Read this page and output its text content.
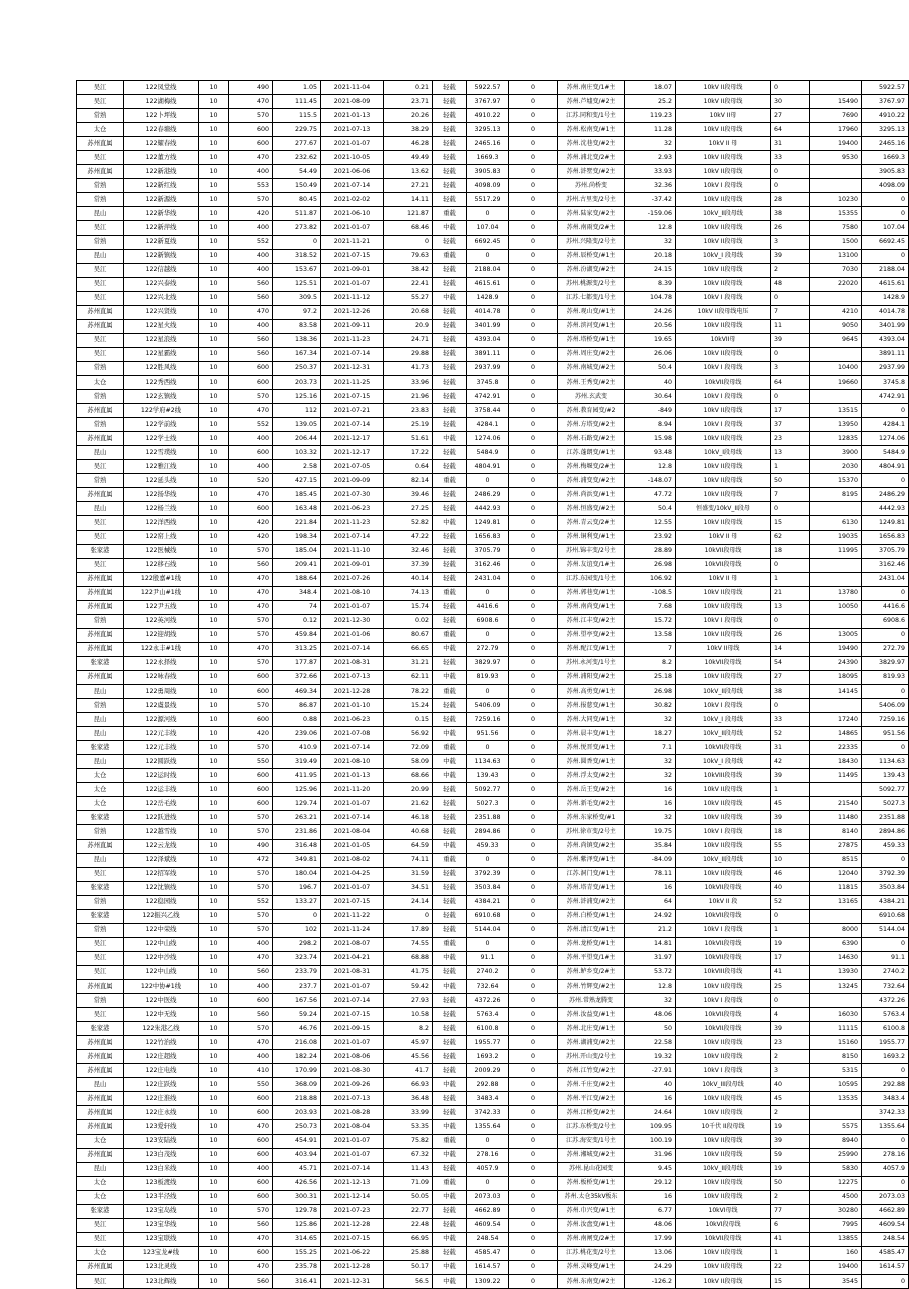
吴江	122凤堂线	10	490	1.05	2021-11-04	0.21	轻载	5922.57	0	苏州.南庄变/1#主	18.07	10kV II段母线	0		5922.57
吴江	122湖梅线	10	470	111.45	2021-08-09	23.71	轻载	3767.97	0	苏州.芦墟变/#2主	25.2	10kV II段母线	30	15490	3767.97
常熟	122卜坪线	10	570	115.5	2021-01-13	20.26	轻载	4910.22	0	江苏.同和变/1号主	119.23	10kV II母	27	7690	4910.22
太仓	122春塘线	10	600	229.75	2021-07-13	38.29	轻载	3295.13	0	苏州.松南变/#1主	11.28	10kV II段母线	64	17960	3295.13
苏州直属	122耀春线	10	600	277.67	2021-01-07	46.28	轻载	2465.16	0	苏州.沈巷变/#2主	32	10kV II 母	31	19400	2465.16
吴江	122董方线	10	470	232.62	2021-10-05	49.49	轻载	1669.3	0	苏州.浦北变/2#主	2.93	10kV II段母线	33	9530	1669.3
苏州直属	122新港线	10	400	54.49	2021-06-06	13.62	轻载	3905.83	0	苏州.浒墅变/#2主	33.93	10kV II段母线	0		3905.83
常熟	122新红线	10	553	150.49	2021-07-14	27.21	轻载	4098.09	0	苏州.尚桥变	32.36	10kV I 段母线	0		4098.09
常熟	122新源线	10	570	80.45	2021-02-02	14.11	轻载	5517.29	0	苏州.古里变/2号主	-37.42	10kV II段母线	28	10230	0
昆山	122新华线	10	420	511.87	2021-06-10	121.87	重载	0	0	苏州.陆家变/#2主	-159.06	10kV_II段母线	38	15355	0
吴江	122新萍线	10	400	273.82	2021-01-07	68.46	中载	107.04	0	苏州.南雨变/2#主	12.8	10kV II段母线	26	7580	107.04
常熟	122新夏线	10	552	0	2021-11-21	0	轻载	6692.45	0	苏州.兴隆变/2号主	32	10kV II段母线	3	1500	6692.45
昆山	122新镇线	10	400	318.52	2021-07-15	79.63	重载	0	0	苏州.辰桥变/#1主	20.18	10kV_I 段母线	39	13100	0
吴江	122信越线	10	400	153.67	2021-09-01	38.42	轻载	2188.04	0	苏州.汾湖变/#2主	24.15	10kV II段母线	2	7030	2188.04
吴江	122兴泰线	10	560	125.51	2021-01-07	22.41	轻载	4615.61	0	苏州.桃源变/2号主	8.39	10kV II段母线	48	22020	4615.61
吴江	122兴北线	10	560	309.5	2021-11-12	55.27	中载	1428.9	0	江苏.七都变/1号主	104.78	10kV I 段母线	0		1428.9
苏州直属	122兴贤线	10	470	97.2	2021-12-26	20.68	轻载	4014.78	0	苏州.观山变/#1主	24.26	10kV II段母线电压	7	4210	4014.78
苏州直属	122星火线	10	400	83.58	2021-09-11	20.9	轻载	3401.99	0	苏州.滨河变/#1主	20.56	10kV II段母线	11	9050	3401.99
吴江	122星浪线	10	560	138.36	2021-11-23	24.71	轻载	4393.04	0	苏州.塔桥变/#1主	19.65	10kVII母	39	9645	4393.04
吴江	122星霸线	10	560	167.34	2021-07-14	29.88	轻载	3891.11	0	苏州.周庄变/#2主	26.06	10kV II段母线	0		3891.11
常熟	122胜风线	10	600	250.37	2021-12-31	41.73	轻载	2937.99	0	苏州.南城变/#2主	50.4	10kV I 段母线	3	10400	2937.99
太仓	122秀西线	10	600	203.73	2021-11-25	33.96	轻载	3745.8	0	苏州.王秀变/#2主	40	10kVII段母线	64	19660	3745.8
常熟	122玄镇线	10	570	125.16	2021-07-15	21.96	轻载	4742.91	0	苏州.玄武变	30.64	10kV I 段母线	0		4742.91
苏州直属	122学府#2线	10	470	112	2021-07-21	23.83	轻载	3758.44	0	苏州.教育园变/#2	-849	10kV II段母线	17	13515	0
常熟	122学前线	10	552	139.05	2021-07-14	25.19	轻载	4284.1	0	苏州.方塔变/#2主	8.94	10kV I 段母线	37	13950	4284.1
苏州直属	122学士线	10	400	206.44	2021-12-17	51.61	中载	1274.06	0	苏州.石路变/#2主	15.98	10kV II段母线	23	12835	1274.06
昆山	122雪璞线	10	600	103.32	2021-12-17	17.22	轻载	5484.9	0	江苏.蓬朗变/#1主	93.48	10kV_I段母线	13	3900	5484.9
吴江	122雅江线	10	400	2.58	2021-07-05	0.64	轻载	4804.91	0	苏州.梅堰变/2#主	12.8	10kV II段母线	1	2030	4804.91
常熟	122延头线	10	520	427.15	2021-09-09	82.14	重载	0	0	苏州.浦变变/#2主	-148.07	10kV II段母线	50	15370	0
苏州直属	122扬华线	10	470	185.45	2021-07-30	39.46	轻载	2486.29	0	苏州.尚浜变/#1主	47.72	10kV II段母线	7	8195	2486.29
昆山	122杨兰线	10	600	163.48	2021-06-23	27.25	轻载	4442.93	0	苏州.恒盛变/#2主	50.4	恒盛变/10kV_II段母	0		4442.93
吴江	122洋西线	10	420	221.84	2021-11-23	52.82	中载	1249.81	0	苏州.青云变/2#主	12.55	10kV II段母线	15	6130	1249.81
吴江	122窑上线	10	420	198.34	2021-07-14	47.22	轻载	1656.83	0	苏州.铜利变/#1主	23.92	10kV II 母	62	19035	1656.83
张家港	122医械线	10	570	185.04	2021-11-10	32.46	轻载	3705.79	0	苏州.锦丰变/2号主	28.89	10kVII段母线	18	11995	3705.79
吴江	122移石线	10	560	209.41	2021-09-01	37.39	轻载	3162.46	0	苏州.友谊变/1#主	26.98	10kVII段母线	0		3162.46
苏州直属	122殷嘉#1线	10	470	188.64	2021-07-26	40.14	轻载	2431.04	0	江苏.东园变/1号主	106.92	10kV II 母	1		2431.04
苏州直属	122尹山#1线	10	470	348.4	2021-08-10	74.13	重载	0	0	苏州.郭巷变/#1主	-108.5	10kV II段母线	21	13780	0
苏州直属	122尹五线	10	470	74	2021-01-07	15.74	轻载	4416.6	0	苏州.南尚变/#1主	7.68	10kV II段母线	13	10050	4416.6
常熟	122英河线	10	570	0.12	2021-12-30	0.02	轻载	6908.6	0	苏州.江丰变/#2主	15.72	10kV I 段母线	0		6908.6
苏州直属	122迎胡线	10	570	459.84	2021-01-06	80.67	重载	0	0	苏州.望亭变/#2主	13.58	10kV II段母线	26	13005	0
苏州直属	122永丰#1线	10	470	313.25	2021-07-14	66.65	中载	272.79	0	苏州.配江变/#1主	7	10kV II母线	14	19490	272.79
张家港	122永择线	10	570	177.87	2021-08-31	31.21	轻载	3829.97	0	苏州.永河变/1号主	8.2	10kVII段母线	54	24390	3829.97
苏州直属	122咏春线	10	600	372.66	2021-07-13	62.11	中载	819.93	0	苏州.浦阳变/#2主	25.18	10kV II段母线	27	18095	819.93
昆山	122勇周线	10	600	469.34	2021-12-28	78.22	重载	0	0	苏州.高勇变/#1主	26.98	10kV_II段母线	38	14145	0
常熟	122虞景线	10	570	86.87	2021-01-10	15.24	轻载	5406.09	0	苏州.报慈变/#1主	30.82	10kV I 段母线	0		5406.09
昆山	122源河线	10	600	0.88	2021-06-23	0.15	轻载	7259.16	0	苏州.大同变/#1主	32	10kV_I 段母线	33	17240	7259.16
昆山	122元丰线	10	420	239.06	2021-07-08	56.92	中载	951.56	0	苏州.晨丰变/#1主	18.27	10kV_II段母线	52	14865	951.56
张家港	122元丰线	10	570	410.9	2021-07-14	72.09	重载	0	0	苏州.悦晋变/#1主	7.1	10kVII段母线	31	22335	0
昆山	122圆跃线	10	550	319.49	2021-08-10	58.09	中载	1134.63	0	苏州.圆香变/#1主	32	10kV_I 段母线	42	18430	1134.63
太仓	122运时线	10	600	411.95	2021-01-13	68.66	中载	139.43	0	苏州.浮太变/#2主	32	10kVIII段母线	39	11495	139.43
太仓	122运丰线	10	600	125.96	2021-11-20	20.99	轻载	5092.77	0	苏州.岳王变/#2主	16	10kV II段母线	1		5092.77
太仓	122岳毛线	10	600	129.74	2021-01-07	21.62	轻载	5027.3	0	苏州.新毛变/#2主	16	10kV II段母线	45	21540	5027.3
张家港	122跃进线	10	570	263.21	2021-07-14	46.18	轻载	2351.88	0	苏州.东家桥变/#1	32	10kV II段母线	39	11480	2351.88
常熟	122越雪线	10	570	231.86	2021-08-04	40.68	轻载	2894.86	0	苏州.徐市变/2号主	19.75	10kV I 段母线	18	8140	2894.86
苏州直属	122云龙线	10	490	316.48	2021-01-05	64.59	中载	459.33	0	苏州.尚镇变/#2主	35.84	10kV II段母线	55	27875	459.33
昆山	122泽斌线	10	472	349.81	2021-08-02	74.11	重载	0	0	苏州.紫泽变/#1主	-84.09	10kV_II段母线	10	8515	0
吴江	122招军线	10	570	180.04	2021-04-25	31.59	轻载	3792.39	0	江苏.洞门变/#1主	78.11	10kV II段母线	46	12040	3792.39
张家港	122沈镇线	10	570	196.7	2021-01-07	34.51	轻载	3503.84	0	苏州.塔青变/#1主	16	10kVII段母线	40	11815	3503.84
常熟	122稳园线	10	552	133.27	2021-07-15	24.14	轻载	4384.21	0	苏州.浒浦变/#2主	64	10kV II 段	52	13165	4384.21
张家港	122振兴乙线	10	570	0	2021-11-22	0	轻载	6910.68	0	苏州.白桥变/#1主	24.92	10kVII段母线	0		6910.68
常熟	122中荣线	10	570	102	2021-11-24	17.89	轻载	5144.04	0	苏州.清江变/#1主	21.2	10kV I 段母线	1	8000	5144.04
吴江	122中山线	10	400	298.2	2021-08-07	74.55	重载	0	0	苏州.龙桥变/#1主	14.81	10kVII段母线	19	6390	0
吴江	122中沙线	10	470	323.74	2021-04-21	68.88	中载	91.1	0	苏州.平望变/1#主	31.97	10kVII段母线	17	14630	91.1
吴江	122中山线	10	560	233.79	2021-08-31	41.75	轻载	2740.2	0	苏州.鲈乡变/2#主	53.72	10kVIII段母线	41	13930	2740.2
苏州直属	122中协#1线	10	400	237.7	2021-01-07	59.42	中载	732.64	0	苏州.竹辉变/#2主	12.8	10kV II段母线	25	13245	732.64
常熟	122中医线	10	600	167.56	2021-07-14	27.93	轻载	4372.26	0	苏州.常熟龙腾变	32	10kV I 段母线	0		4372.26
吴江	122中无线	10	560	59.24	2021-07-15	10.58	轻载	5763.4	0	苏州.汝益变/#1主	48.06	10kVII段母线	4	16030	5763.4
张家港	122朱港乙线	10	570	46.76	2021-09-15	8.2	轻载	6100.8	0	苏州.北庄变/#1主	50	10kVII段母线	39	11115	6100.8
苏州直属	122竹治线	10	470	216.08	2021-01-07	45.97	轻载	1955.77	0	苏州.湖浦变/#2主	22.58	10kV II段母线	23	15160	1955.77
苏州直属	122庄超线	10	400	182.24	2021-08-06	45.56	轻载	1693.2	0	苏州.开山变/2号主	19.32	10kV II段母线	2	8150	1693.2
苏州直属	122庄电线	10	410	170.99	2021-08-30	41.7	轻载	2009.29	0	苏州.江竹变/#2主	-27.91	10kV I 段母线	3	5315	0
昆山	122庄跃线	10	550	368.09	2021-09-26	66.93	中载	292.88	0	苏州.千庄变/#2主	40	10kV_III段母线	40	10595	292.88
苏州直属	122庄淮线	10	600	218.88	2021-07-13	36.48	轻载	3483.4	0	苏州.平江变/#2主	16	10kV II段母线	45	13535	3483.4
苏州直属	122庄永线	10	600	203.93	2021-08-28	33.99	轻载	3742.33	0	苏州.江桥变/#2主	24.64	10kV II段母线	2		3742.33
苏州直属	123爱轩线	10	470	250.73	2021-08-04	53.35	中载	1355.64	0	江苏.东桥变/2号主	109.95	10千伏 II段母线	19	5575	1355.64
太仓	123安陆线	10	600	454.91	2021-01-07	75.82	重载	0	0	江苏.海安变/1号主	100.19	10kV II段母线	39	8940	0
苏州直属	123白茂线	10	600	403.94	2021-01-07	67.32	中载	278.16	0	苏州.湘城变/#2主	31.96	10kV II段母线	59	25990	278.16
昆山	123白米线	10	400	45.71	2021-07-14	11.43	轻载	4057.9	0	苏州.昆山花园变	9.45	10kV_II段母线	19	5830	4057.9
太仓	123板渡线	10	600	426.56	2021-12-13	71.09	重载	0	0	苏州.板桥变/#1主	29.12	10kV II段母线	50	12275	0
太仓	123半泾线	10	600	300.31	2021-12-14	50.05	中载	2073.03	0	苏州.太仓35kV板东	16	10kV II段母线	2	4500	2073.03
张家港	123宝岛线	10	570	129.78	2021-07-23	22.77	轻载	4662.89	0	苏州.巾兴变/#1主	6.77	10kVI母线	77	30280	4662.89
吴江	123宝华线	10	560	125.86	2021-12-28	22.48	轻载	4609.54	0	苏州.汝盘变/#1主	48.06	10kVI段母线	6	7995	4609.54
吴江	123宝联线	10	470	314.65	2021-07-15	66.95	中载	248.54	0	苏州.南闸变/2#主	17.99	10kVII段母线	41	13855	248.54
太仓	123宝龙#线	10	600	155.25	2021-06-22	25.88	轻载	4585.47	0	江苏.桃花变/2号主	13.06	10kV II段母线	1	160	4585.47
苏州直属	123北灵线	10	470	235.78	2021-12-28	50.17	中载	1614.57	0	苏州.灵峰变/#1主	24.29	10kV II段母线	22	19400	1614.57
吴江	123北辉线	10	560	316.41	2021-12-31	56.5	中载	1309.22	0	苏州.东南变/#2主	-126.2	10kV II段母线	15	3545	0
